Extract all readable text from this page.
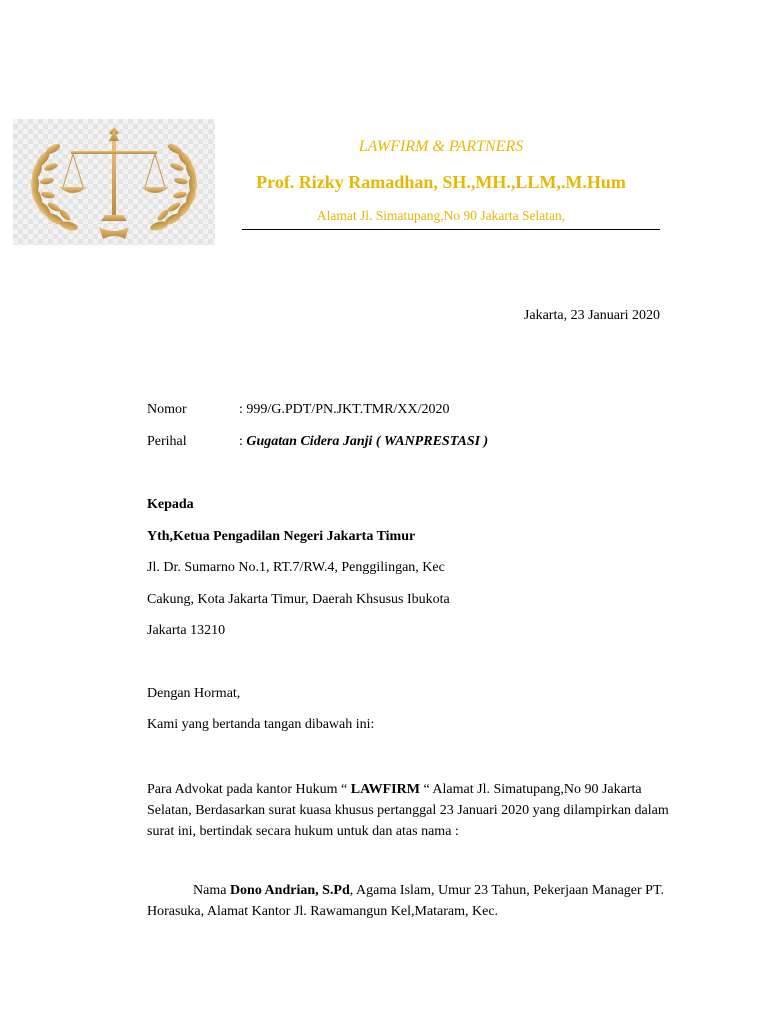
LAWFIRM & PARTNERS
Prof. Rizky Ramadhan, SH.,MH.,LLM,.M.Hum
Alamat Jl. Simatupang,No 90 Jakarta Selatan,
Jakarta, 23 Januari 2020
Nomor	: 999/G.PDT/PN.JKT.TMR/XX/2020
Perihal	: Gugatan Cidera Janji ( WANPRESTASI )
Kepada
Yth,Ketua Pengadilan Negeri Jakarta Timur
Jl. Dr. Sumarno No.1, RT.7/RW.4, Penggilingan, Kec
Cakung, Kota Jakarta Timur, Daerah Khsusus Ibukota
Jakarta 13210
Dengan Hormat,
Kami yang bertanda tangan dibawah ini:
Para Advokat pada kantor Hukum “ LAWFIRM “ Alamat Jl. Simatupang,No 90 Jakarta Selatan, Berdasarkan surat kuasa khusus pertanggal 23 Januari 2020 yang dilampirkan dalam surat ini, bertindak secara hukum untuk dan atas nama :
Nama Dono Andrian, S.Pd, Agama Islam, Umur 23 Tahun, Pekerjaan Manager PT. Horasuka, Alamat Kantor Jl. Rawamangun Kel,Mataram, Kec.
